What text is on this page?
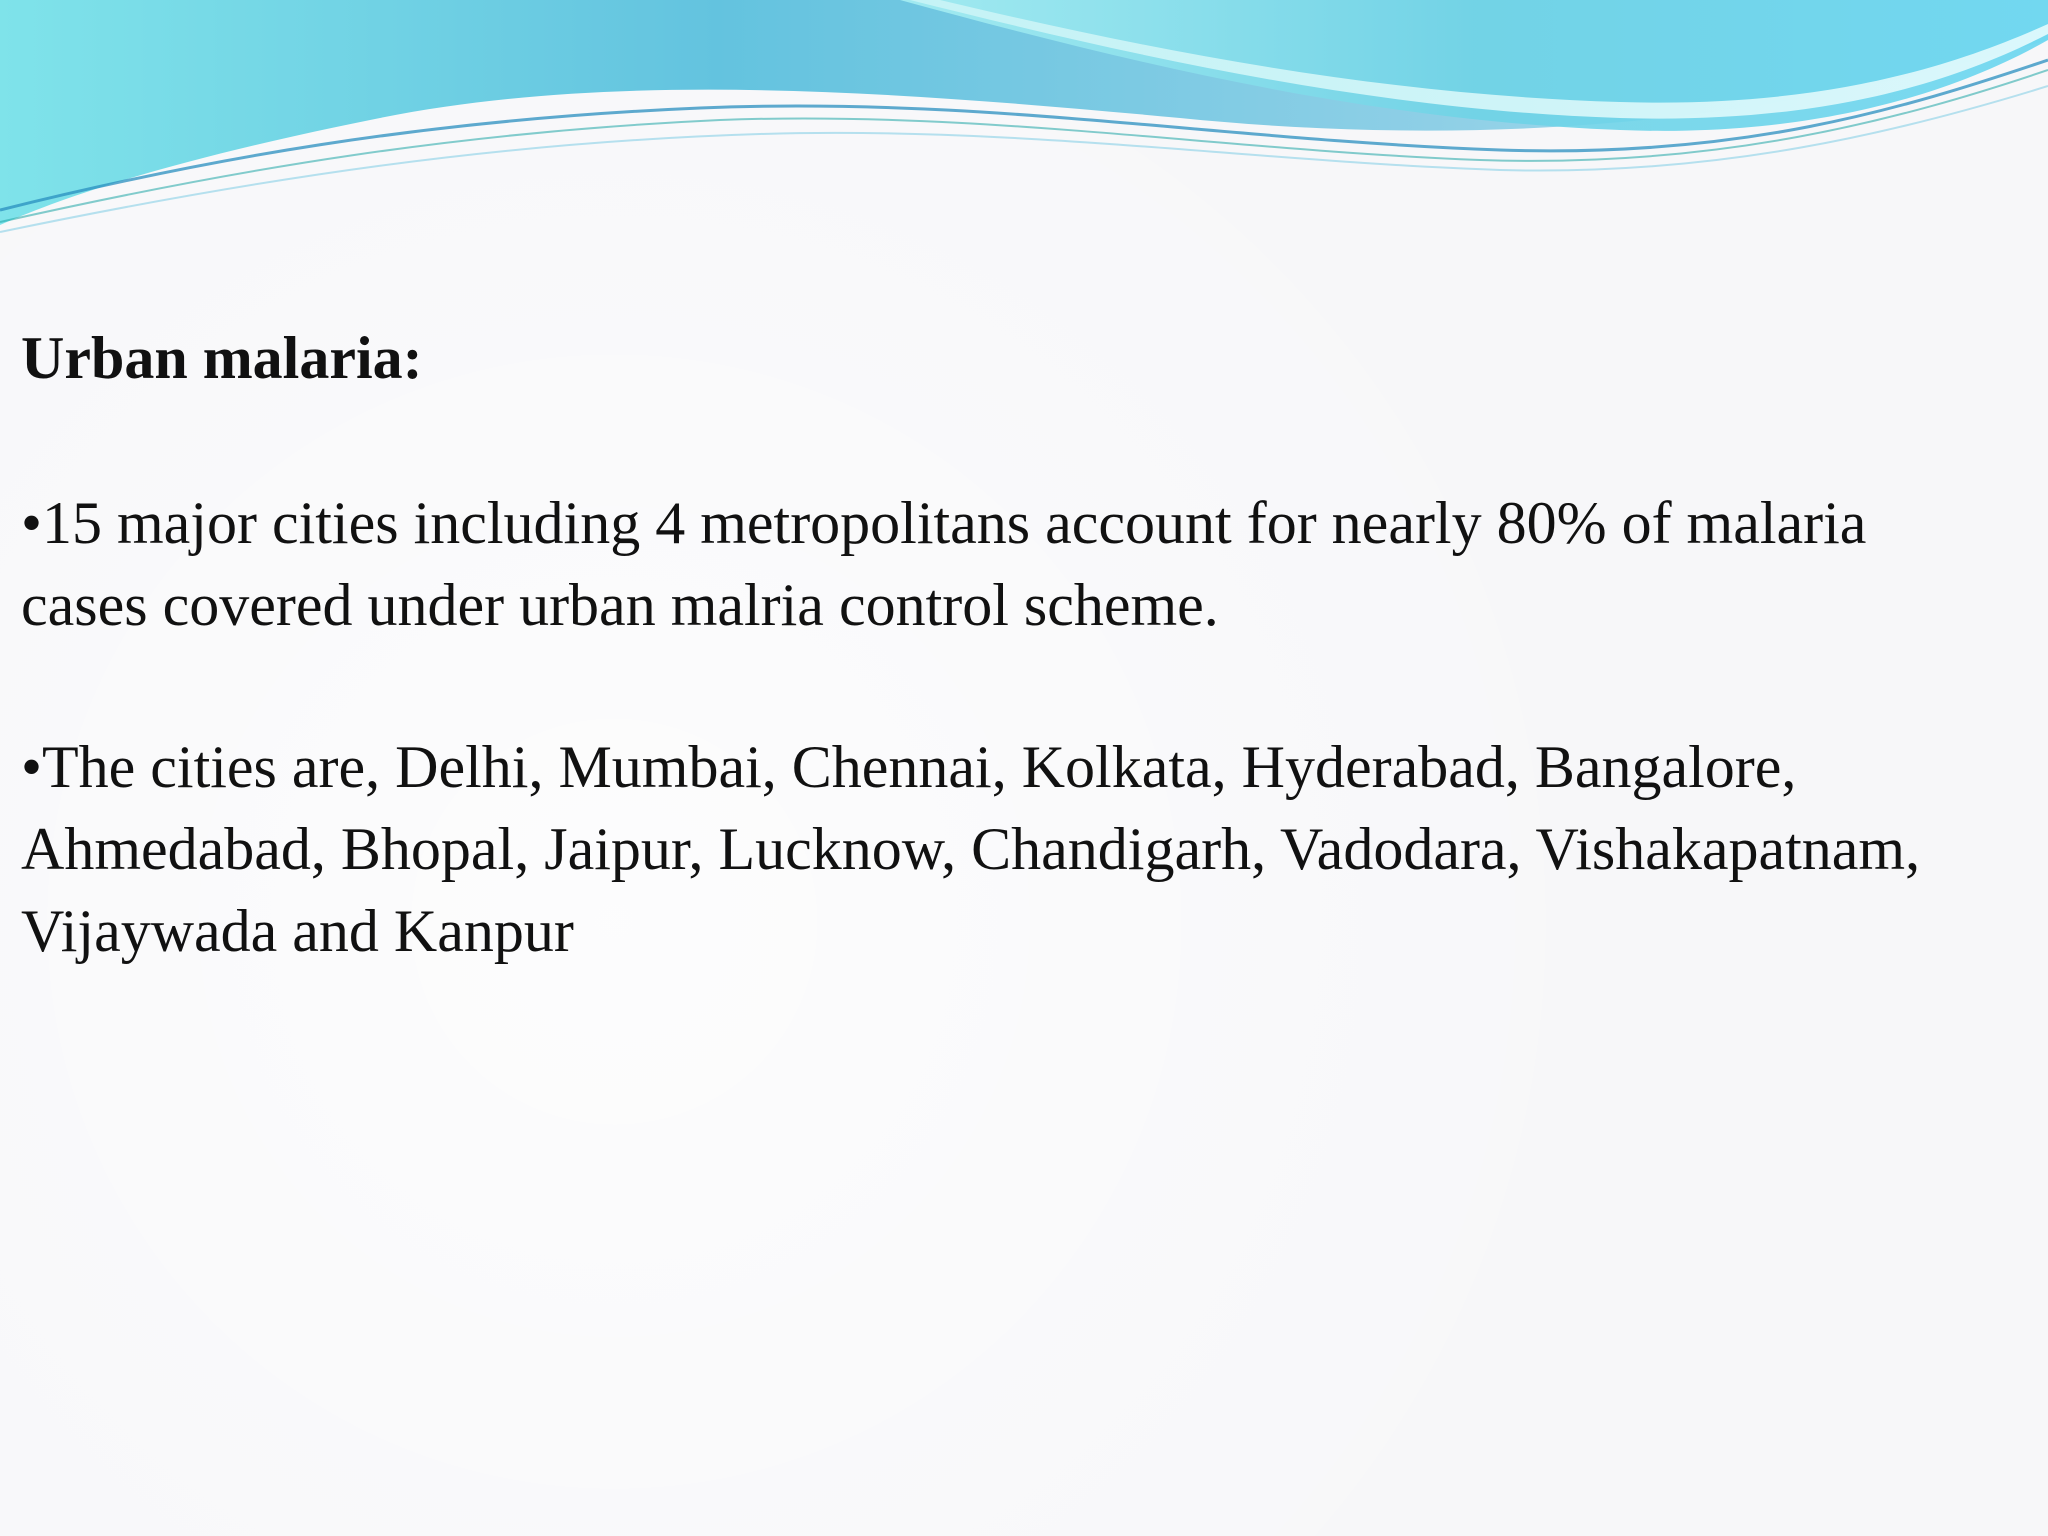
Urban malaria:

•15 major cities including 4 metropolitans account for nearly 80% of malaria cases covered under urban malria control scheme.

•The cities are, Delhi, Mumbai, Chennai, Kolkata, Hyderabad, Bangalore, Ahmedabad, Bhopal, Jaipur, Lucknow, Chandigarh, Vadodara, Vishakapatnam, Vijaywada and Kanpur
